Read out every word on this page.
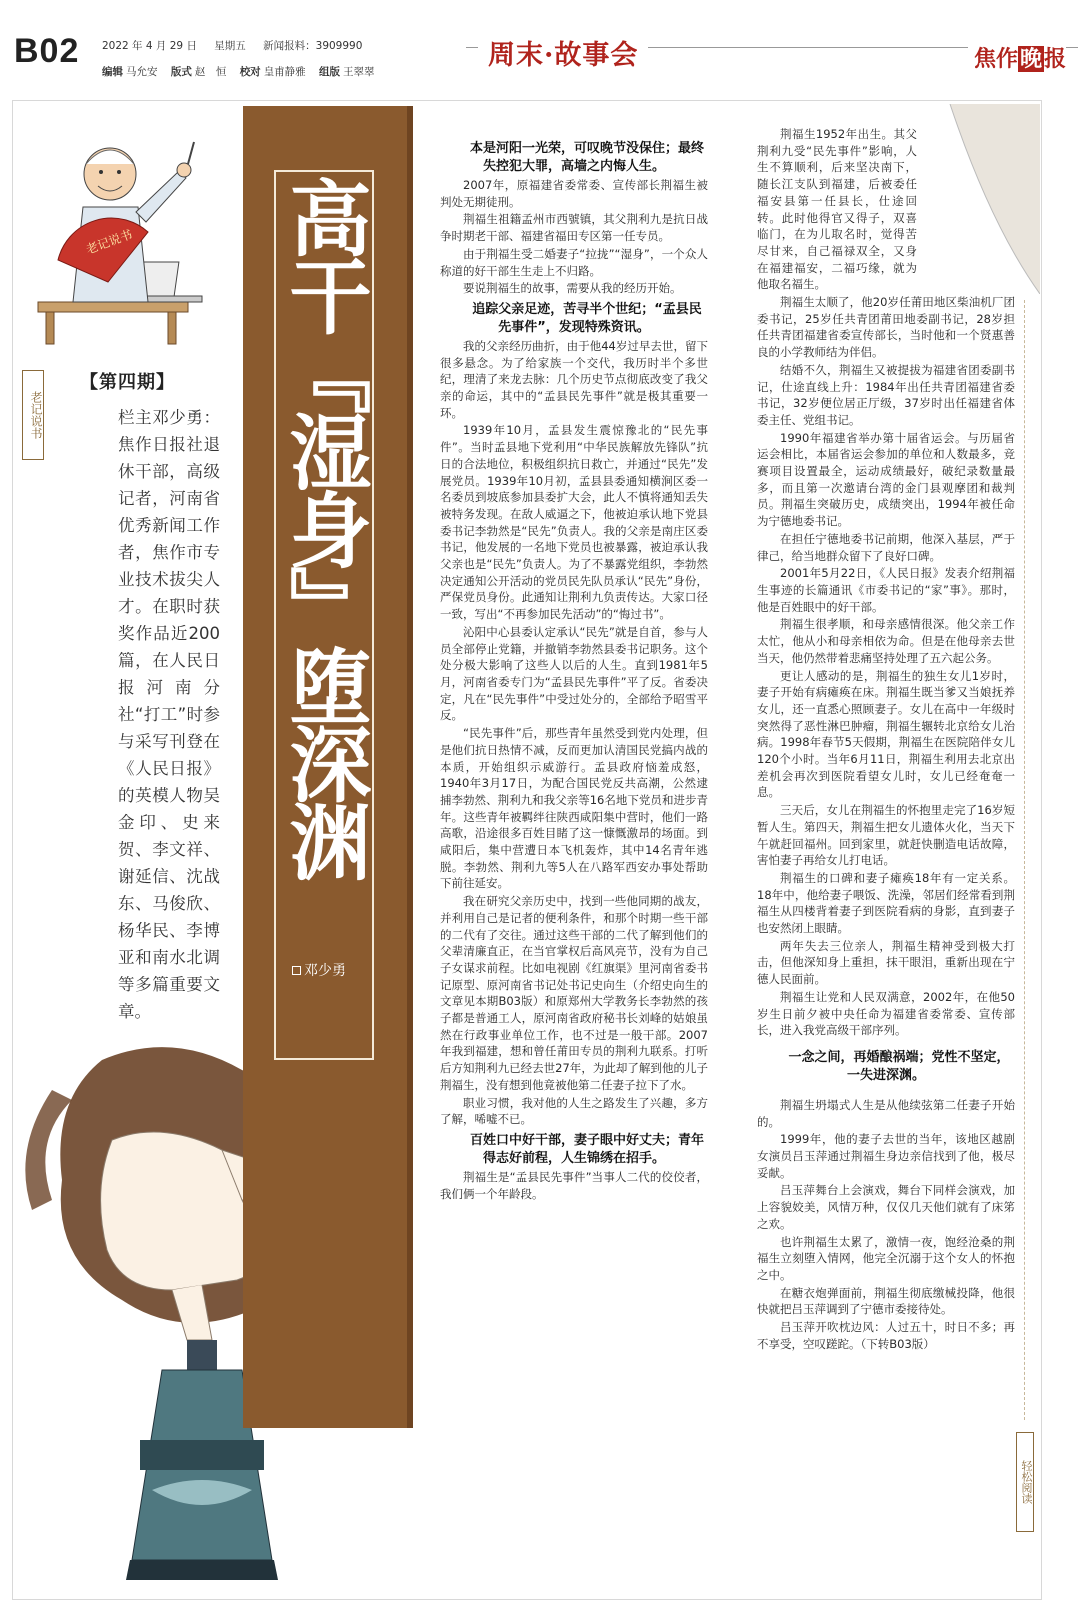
B02 2022 年 4 月 29 日 星期五 新闻报料：3909990
编辑 马允安 版式 赵　恒 校对 皇甫静雅 组版 王翠翠
周末·故事会	焦作晚报
老记说书
老记说书
【第四期】
栏主邓少勇：焦作日报社退休干部，高级记者，河南省优秀新闻工作者，焦作市专业技术拔尖人才。在职时获奖作品近200篇，在人民日报河南分社“打工”时参与采写刊登在《人民日报》的英模人物吴金印、史来贺、李文祥、谢延信、沈战东、马俊欣、杨华民、李博亚和南水北调等多篇重要文章。
高干『湿身』堕深渊
邓少勇

本是河阳一光荣，可叹晚节没保住；最终失控犯大罪，高墙之内悔人生。

2007年，原福建省委常委、宣传部长荆福生被判处无期徒刑。

荆福生祖籍孟州市西號镇，其父荆利九是抗日战争时期老干部、福建省福田专区第一任专员。

由于荆福生受二婚妻子“拉拢”“湿身”，一个众人称道的好干部生生走上不归路。

要说荆福生的故事，需要从我的经历开始。

追踪父亲足迹，苦寻半个世纪；“孟县民先事件”，发现特殊资讯。

我的父亲经历曲折，由于他44岁过早去世，留下很多悬念。为了给家族一个交代，我历时半个多世纪，理清了来龙去脉：几个历史节点彻底改变了我父亲的命运，其中的“孟县民先事件”就是极其重要一环。

1939年10月，孟县发生震惊豫北的“民先事件”。当时孟县地下党利用“中华民族解放先锋队”抗日的合法地位，积极组织抗日救亡，并通过“民先”发展党员。1939年10月初，孟县县委通知横涧区委一名委员到坡底参加县委扩大会，此人不慎将通知丢失被特务发现。在敌人威逼之下，他被迫承认地下党县委书记李勃然是“民先”负责人。我的父亲是南庄区委书记，他发展的一名地下党员也被暴露，被迫承认我父亲也是“民先”负责人。为了不暴露党组织，李勃然决定通知公开活动的党员民先队员承认“民先”身份，严保党员身份。此通知让荆利九负责传达。大家口径一致，写出“不再参加民先活动”的“悔过书”。

沁阳中心县委认定承认“民先”就是自首，参与人员全部停止党籍，并撤销李勃然县委书记职务。这个处分极大影响了这些人以后的人生。直到1981年5月，河南省委专门为“孟县民先事件”平了反。省委决定，凡在“民先事件”中受过处分的，全部给予昭雪平反。

“民先事件”后，那些青年虽然受到党内处理，但是他们抗日热情不减，反而更加认清国民党搞内战的本质，开始组织示威游行。孟县政府恼羞成怒，1940年3月17日，为配合国民党反共高潮，公然逮捕李勃然、荆利九和我父亲等16名地下党员和进步青年。这些青年被羁绊往陕西咸阳集中营时，他们一路高歌，沿途很多百姓目睹了这一慷慨激昂的场面。到咸阳后，集中营遭日本飞机轰炸，其中14名青年逃脱。李勃然、荆利九等5人在八路军西安办事处帮助下前往延安。

我在研究父亲历史中，找到一些他同期的战友，并利用自己是记者的便利条件，和那个时期一些干部的二代有了交往。通过这些干部的二代了解到他们的父辈清廉直正，在当官掌权后高风亮节，没有为自己子女谋求前程。比如电视剧《红旗渠》里河南省委书记原型、原河南省书记处书记史向生（介绍史向生的文章见本期B03版）和原郑州大学教务长李勃然的孩子都是普通工人，原河南省政府秘书长刘峰的姑娘虽然在行政事业单位工作，也不过是一般干部。2007年我到福建，想和曾任莆田专员的荆利九联系。打听后方知荆利九已经去世27年，为此却了解到他的儿子荆福生，没有想到他竟被他第二任妻子拉下了水。

职业习惯，我对他的人生之路发生了兴趣，多方了解，唏嘘不已。

百姓口中好干部，妻子眼中好丈夫；青年得志好前程，人生锦绣在招手。

荆福生是“孟县民先事件”当事人二代的佼佼者，我们俩一个年龄段。

荆福生1952年出生。其父荆利九受“民先事件”影响，人生不算顺利，后来坚决南下，随长江支队到福建，后被委任福安县第一任县长，仕途回转。此时他得官又得子，双喜临门，在为儿取名时，觉得苦尽甘来，自己福禄双全，又身在福建福安，二福巧缘，就为他取名福生。

荆福生太顺了，他20岁任莆田地区柴油机厂团委书记，25岁任共青团莆田地委副书记，28岁担任共青团福建省委宣传部长，当时他和一个贤惠善良的小学教师结为伴侣。

结婚不久，荆福生又被提拔为福建省团委副书记，仕途直线上升：1984年出任共青团福建省委书记，32岁便位居正厅级，37岁时出任福建省体委主任、党组书记。

1990年福建省举办第十届省运会。与历届省运会相比，本届省运会参加的单位和人数最多，竞赛项目设置最全，运动成绩最好，破纪录数量最多，而且第一次邀请台湾的金门县观摩团和裁判员。荆福生突破历史，成绩突出，1994年被任命为宁德地委书记。

在担任宁德地委书记前期，他深入基层，严于律己，给当地群众留下了良好口碑。

2001年5月22日，《人民日报》发表介绍荆福生事迹的长篇通讯《市委书记的“家”事》。那时，他是百姓眼中的好干部。

荆福生很孝顺，和母亲感情很深。他父亲工作太忙，他从小和母亲相依为命。但是在他母亲去世当天，他仍然带着悲痛坚持处理了五六起公务。

更让人感动的是，荆福生的独生女儿1岁时，妻子开始有病瘫痪在床。荆福生既当爹又当娘抚养女儿，还一直悉心照顾妻子。女儿在高中一年级时突然得了恶性淋巴肿瘤，荆福生辗转北京给女儿治病。1998年春节5天假期，荆福生在医院陪伴女儿120个小时。当年6月11日，荆福生利用去北京出差机会再次到医院看望女儿时，女儿已经奄奄一息。

三天后，女儿在荆福生的怀抱里走完了16岁短暂人生。第四天，荆福生把女儿遗体火化，当天下午就赶回福州。回到家里，就赶快删造电话故障，害怕妻子再给女儿打电话。

荆福生的口碑和妻子瘫痪18年有一定关系。18年中，他给妻子喂饭、洗澡，邻居们经常看到荆福生从四楼背着妻子到医院看病的身影，直到妻子也安然闭上眼睛。

两年失去三位亲人，荆福生精神受到极大打击，但他深知身上重担，抹干眼泪，重新出现在宁德人民面前。

荆福生让党和人民双满意，2002年，在他50岁生日前夕被中央任命为福建省委常委、宣传部长，进入我党高级干部序列。

一念之间，再婚酿祸端；党性不坚定，一失进深渊。

荆福生坍塌式人生是从他续弦第二任妻子开始的。

1999年，他的妻子去世的当年，该地区越剧女演员吕玉萍通过荆福生身边亲信找到了他，极尽妥献。

吕玉萍舞台上会演戏，舞台下同样会演戏，加上容貌姣美，风情万种，仅仅几天他们就有了床笫之欢。

也许荆福生太累了，激情一夜，饱经沧桑的荆福生立刻堕入情网，他完全沉溺于这个女人的怀抱之中。

在糖衣炮弹面前，荆福生彻底缴械投降，他很快就把吕玉萍调到了宁德市委接待处。

吕玉萍开吹枕边风：人过五十，时日不多；再不享受，空叹蹉跎。（下转B03版）

轻松阅读
